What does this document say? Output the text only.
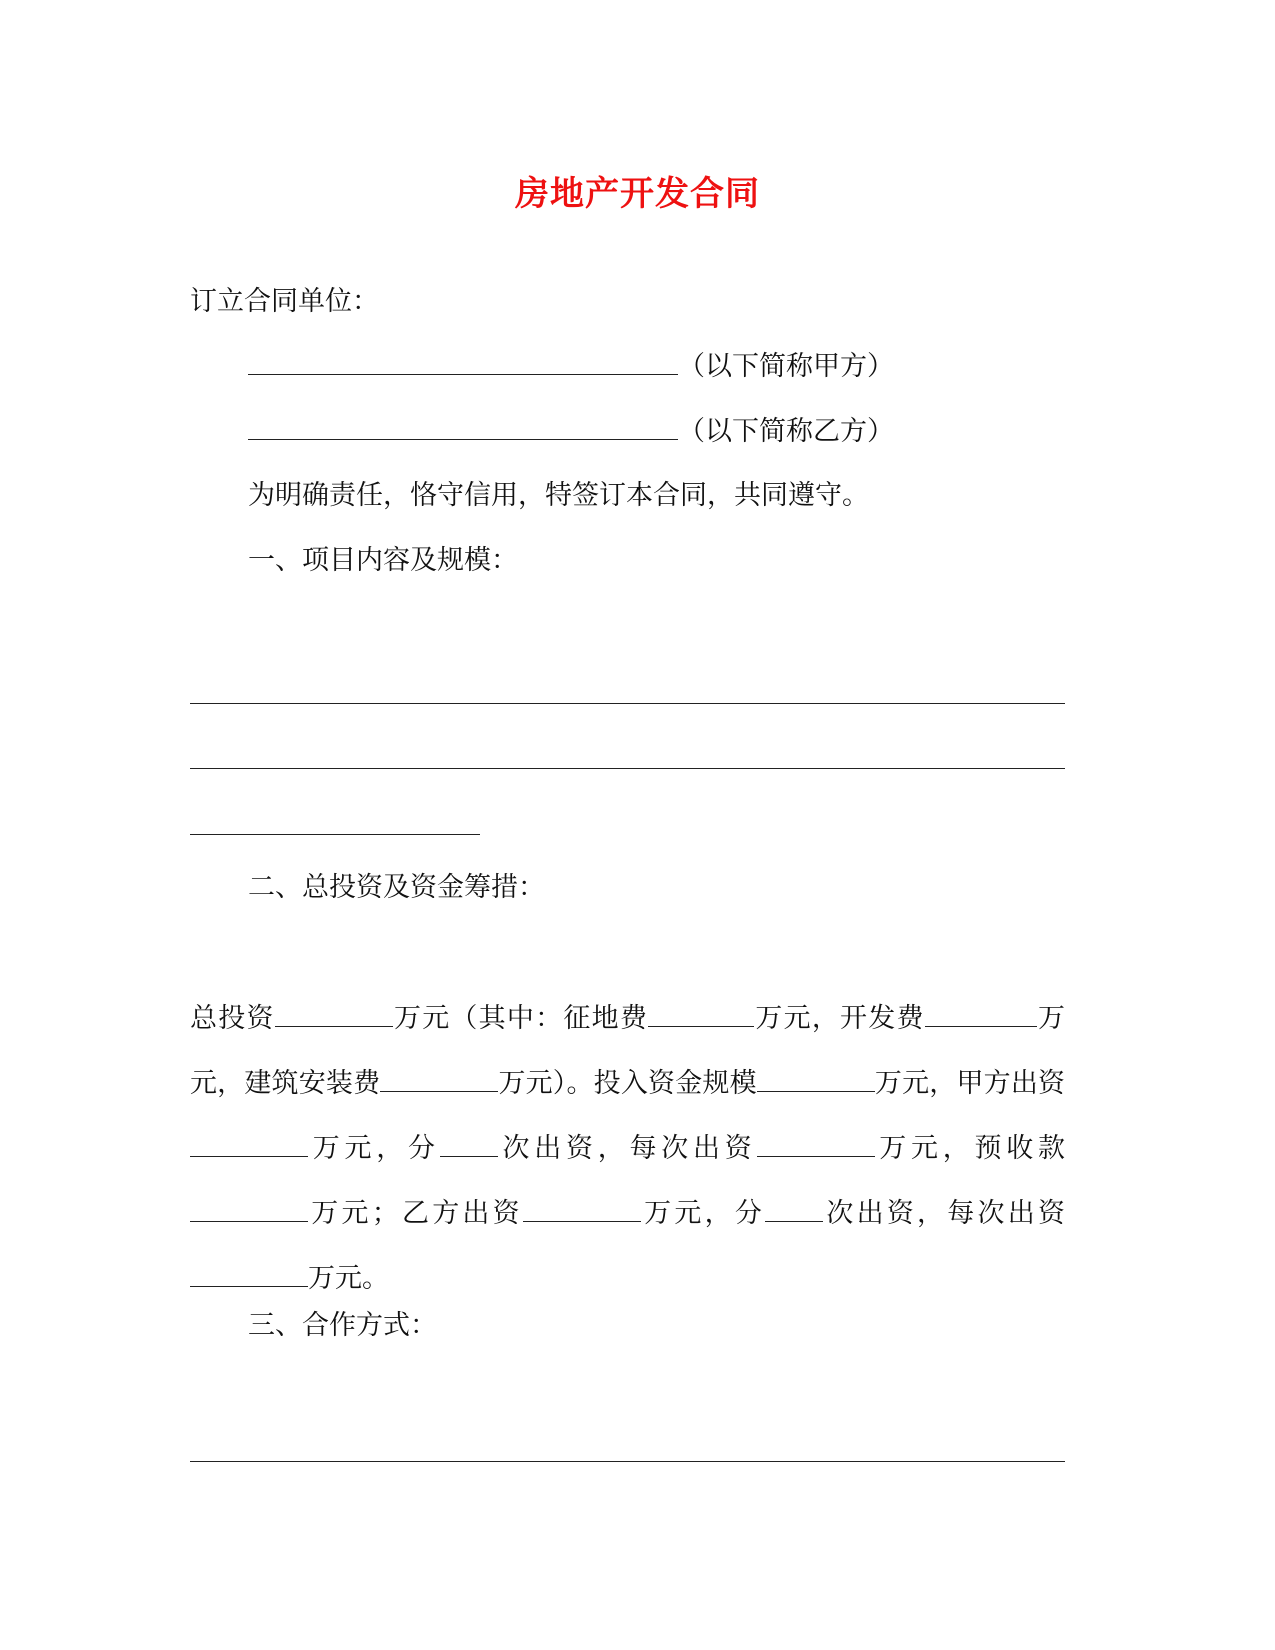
房地产开发合同
订立合同单位：
（以下简称甲方）
（以下简称乙方）
为明确责任，恪守信用，特签订本合同，共同遵守。
一、项目内容及规模：
二、总投资及资金筹措：
总投资	万元（其中：征地费	万元，开发费	万元，建筑安装费	万元）。投入资金规模	万元，甲方出资万元，分 次出资，每次出资	万元，预收款万元；乙方出资	万元，分 次出资，每次出资万元。
三、合作方式：
